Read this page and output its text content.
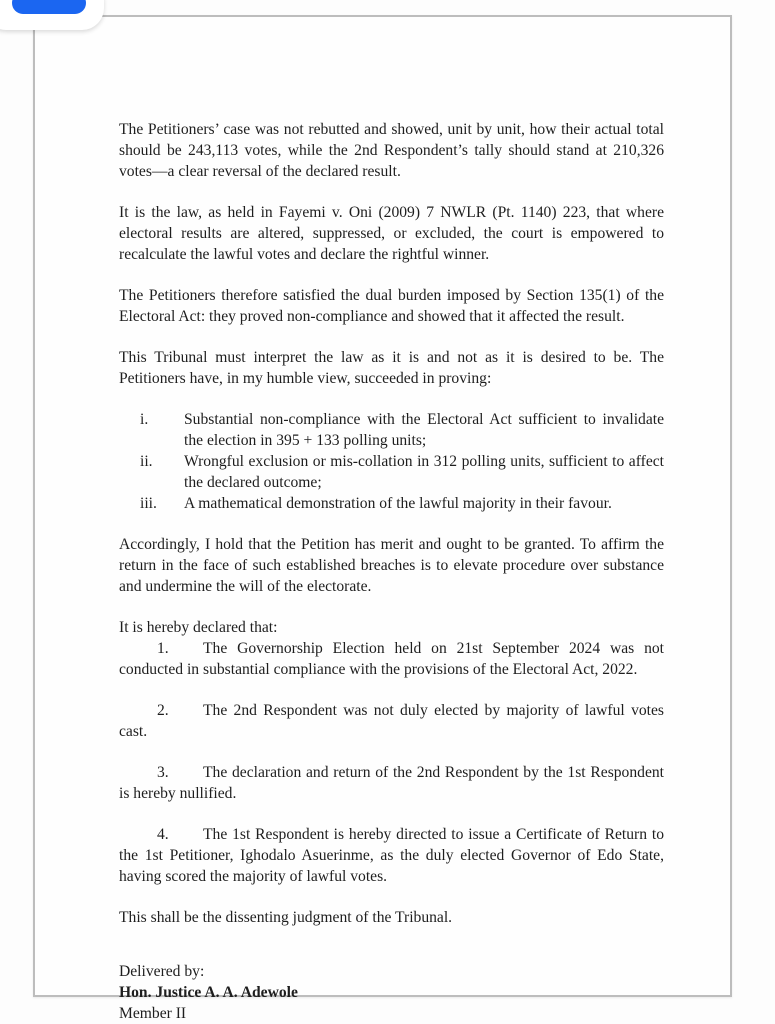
The Petitioners’ case was not rebutted and showed, unit by unit, how their actual total should be 243,113 votes, while the 2nd Respondent’s tally should stand at 210,326 votes—a clear reversal of the declared result.

It is the law, as held in Fayemi v. Oni (2009) 7 NWLR (Pt. 1140) 223, that where electoral results are altered, suppressed, or excluded, the court is empowered to recalculate the lawful votes and declare the rightful winner.

The Petitioners therefore satisfied the dual burden imposed by Section 135(1) of the Electoral Act: they proved non-compliance and showed that it affected the result.

This Tribunal must interpret the law as it is and not as it is desired to be. The Petitioners have, in my humble view, succeeded in proving:

i.	Substantial non-compliance with the Electoral Act sufficient to invalidate the election in 395 + 133 polling units;
ii.	Wrongful exclusion or mis-collation in 312 polling units, sufficient to affect the declared outcome;
iii.	A mathematical demonstration of the lawful majority in their favour.

Accordingly, I hold that the Petition has merit and ought to be granted. To affirm the return in the face of such established breaches is to elevate procedure over substance and undermine the will of the electorate.

It is hereby declared that:

1. The Governorship Election held on 21st September 2024 was not conducted in substantial compliance with the provisions of the Electoral Act, 2022.

2. The 2nd Respondent was not duly elected by majority of lawful votes cast.

3. The declaration and return of the 2nd Respondent by the 1st Respondent is hereby nullified.

4. The 1st Respondent is hereby directed to issue a Certificate of Return to the 1st Petitioner, Ighodalo Asuerinme, as the duly elected Governor of Edo State, having scored the majority of lawful votes.

This shall be the dissenting judgment of the Tribunal.

Delivered by:

Hon. Justice A. A. Adewole

Member II
